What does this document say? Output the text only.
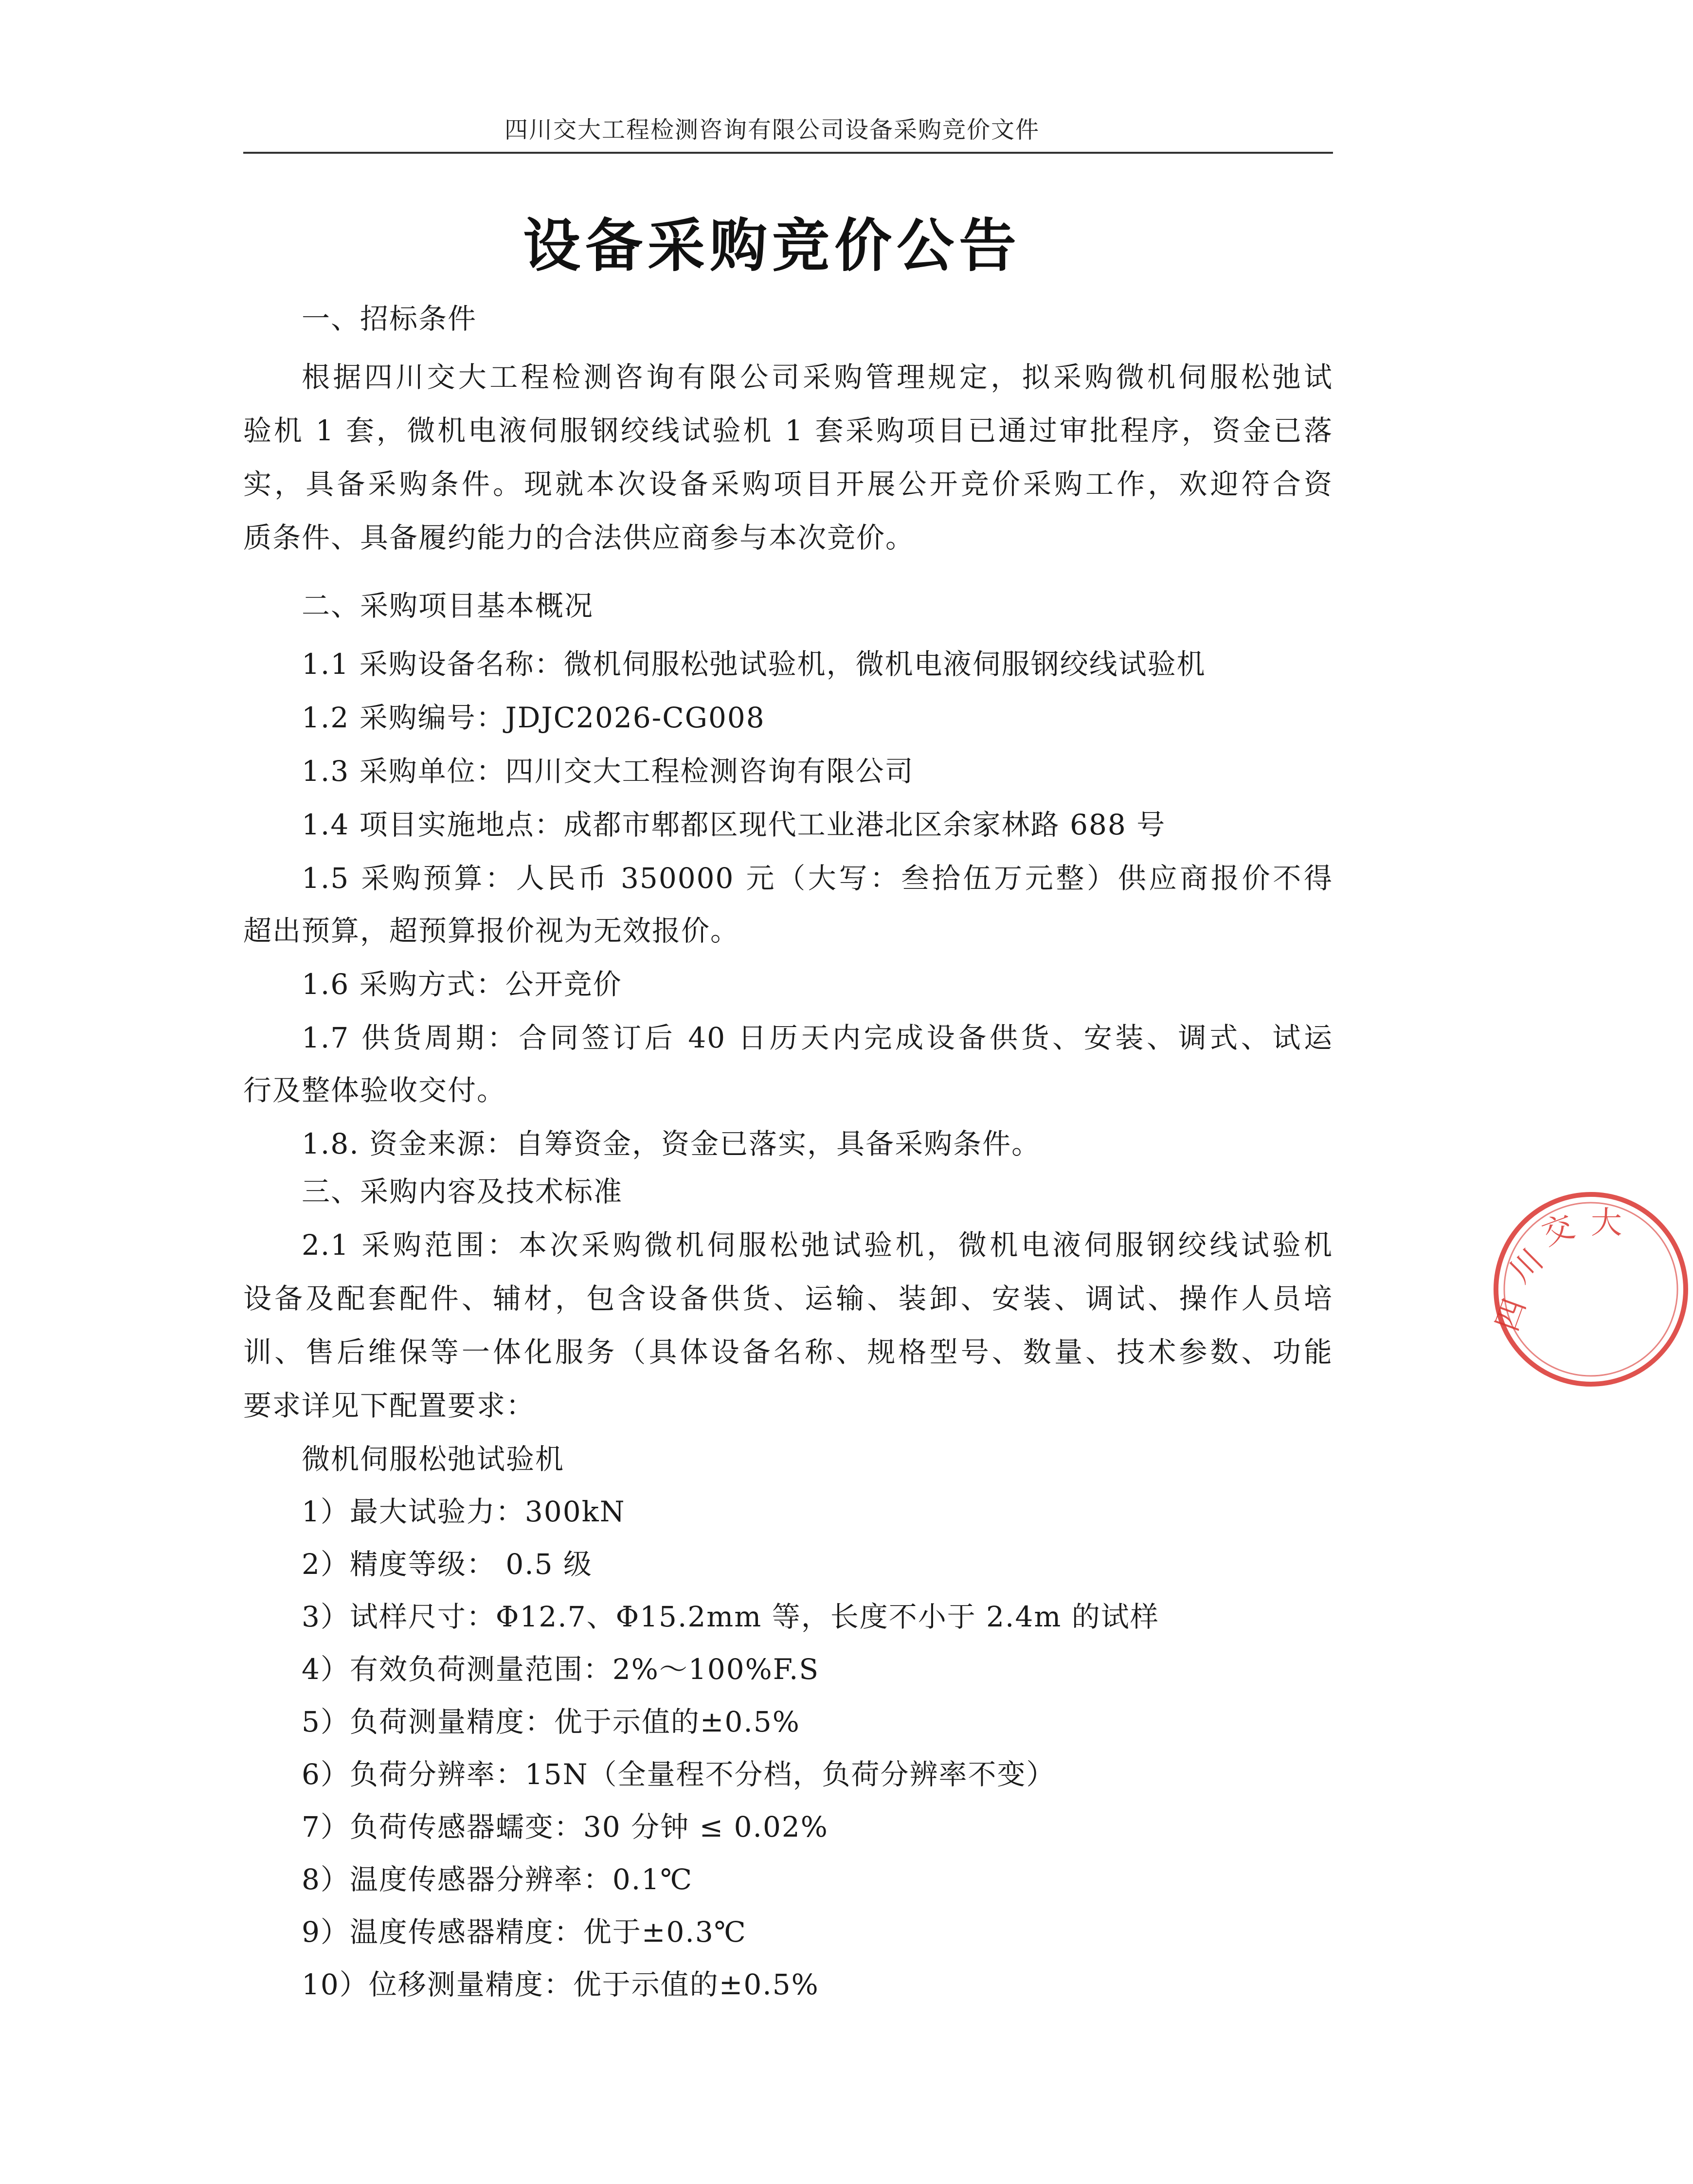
四川交大工程检测咨询有限公司设备采购竞价文件
设备采购竞价公告
一、招标条件
根据四川交大工程检测咨询有限公司采购管理规定，拟采购微机伺服松弛试
验机 1 套，微机电液伺服钢绞线试验机 1 套采购项目已通过审批程序，资金已落
实，具备采购条件。现就本次设备采购项目开展公开竞价采购工作，欢迎符合资
质条件、具备履约能力的合法供应商参与本次竞价。
二、采购项目基本概况
1.1 采购设备名称：微机伺服松弛试验机，微机电液伺服钢绞线试验机
1.2 采购编号：JDJC2026-CG008
1.3 采购单位：四川交大工程检测咨询有限公司
1.4 项目实施地点：成都市郫都区现代工业港北区余家林路 688 号
1.5 采购预算：人民币 350000 元（大写：叁拾伍万元整）供应商报价不得
超出预算，超预算报价视为无效报价。
1.6 采购方式：公开竞价
1.7 供货周期：合同签订后 40 日历天内完成设备供货、安装、调式、试运
行及整体验收交付。
1.8. 资金来源：自筹资金，资金已落实，具备采购条件。
三、采购内容及技术标准
2.1 采购范围：本次采购微机伺服松弛试验机，微机电液伺服钢绞线试验机
设备及配套配件、辅材，包含设备供货、运输、装卸、安装、调试、操作人员培
训、售后维保等一体化服务（具体设备名称、规格型号、数量、技术参数、功能
要求详见下配置要求：
微机伺服松弛试验机
1）最大试验力：300kN
2）精度等级： 0.5 级
3）试样尺寸：Φ12.7、Φ15.2mm 等，长度不小于 2.4m 的试样
4）有效负荷测量范围：2%～100%F.S
5）负荷测量精度：优于示值的±0.5%
6）负荷分辨率：15N（全量程不分档，负荷分辨率不变）
7）负荷传感器蠕变：30 分钟 ≤ 0.02%
8）温度传感器分辨率：0.1℃
9）温度传感器精度：优于±0.3℃
10）位移测量精度：优于示值的±0.5%
四
川
交 大
